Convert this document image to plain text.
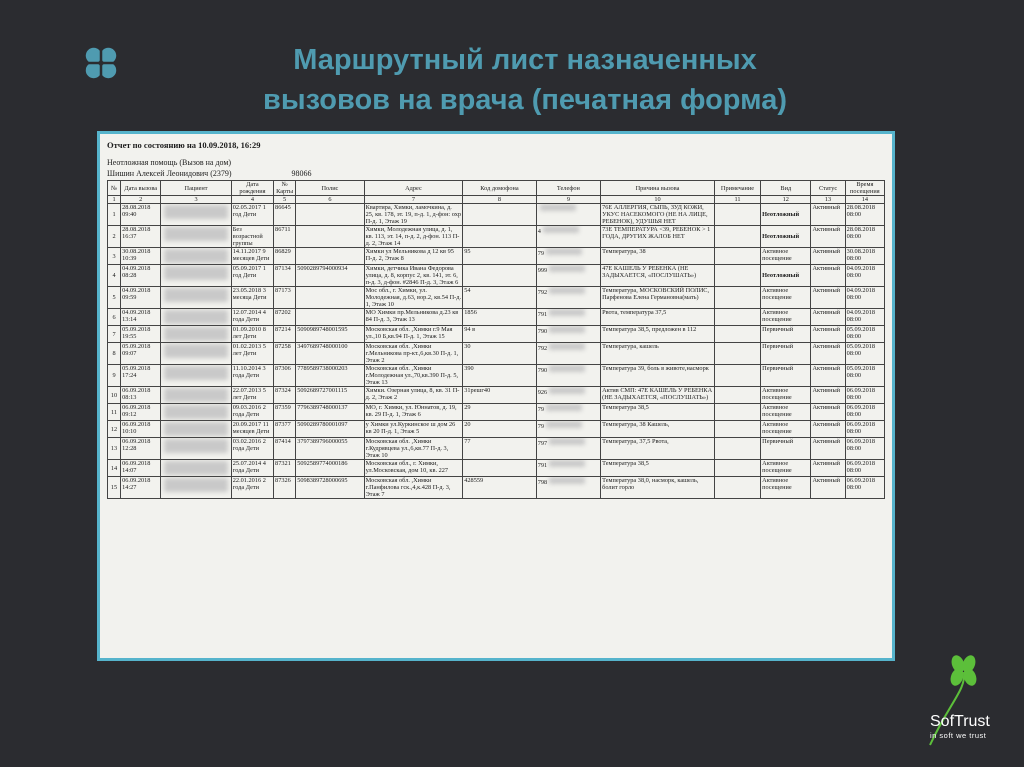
Маршрутный лист назначенных
вызовов на врача (печатная форма)
Отчет по состоянию на 10.09.2018, 16:29
Неотложная помощь (Вызов на дом)
Шишин Алексей Леонидович (2379)	98066
№	Дата вызова	Пациент	Дата рождения	№ Карты	Полис	Адрес	Код домофона	Телефон	Причина вызова	Примечание	Вид	Статус	Время посещения
1	2	3	4	5	6	7	8	9	10	11	12	13	14
1	28.08.2018 09:40		02.05.2017 1 год Дети	86645		Квартира, Химки, ламочкина, д. 25, кв. 178, эт. 19, п-д. 1, д-фон: охр П-д. 1, Этаж 19			76Е АЛЛЕРГИЯ, СЫПЬ, ЗУД КОЖИ, УКУС НАСЕКОМОГО (НЕ НА ЛИЦЕ, РЕБЕНОК), УДУШЬЯ НЕТ		Неотложный	Активный	28.08.2018 08:00
2	28.08.2018 16:37		Без возрастной группы	86711		Химки, Молодежная улица, д. 1, кв. 113, эт. 14, п-д. 2, д-фон. 113 П-д. 2, Этаж 14		4	73Е ТЕМПЕРАТУРА <39, РЕБЕНОК > 1 ГОДА, ДРУГИХ ЖАЛОБ НЕТ		Неотложный	Активный	28.08.2018 08:00
3	30.08.2018 10:39		14.11.2017 9 месяцев Дети	86829		Химки ул Мельникова д 12 кв 95 П-д. 2, Этаж 8	95	79	Температура, 38		Активное посещение	Активный	30.08.2018 08:00
4	04.09.2018 08:28		05.09.2017 1 год Дети	87134	5090289794000934	Химки, детчика Ивана Федорова улица, д. 8, корпус 2, кв. 141, эт. 6, п-д. 3, д-фон. #2846 П-д. 3, Этаж 6		999	47Е КАШЕЛЬ У РЕБЕНКА (НЕ ЗАДЫХАЕТСЯ, «ПОСЛУШАТЬ»)		Неотложный	Активный	04.09.2018 08:00
5	04.09.2018 09:59		23.05.2018 3 месяца Дети	87173		Мос обл., г. Химки, ул. Молодежная, д.63, вор.2, кв.54 П-д. 1, Этаж 10	54	792	Температура, МОСКОВСКИЙ ПОЛИС, Парфенова Елена Германовна(мать)		Активное посещение	Активный	04.09.2018 08:00
6	04.09.2018 13:14		12.07.2014 4 года Дети	87202		МО Химки пр.Мельникова д.23 кв 84 П-д. 3, Этаж 13	1856	791	Рвота, температура 37,5		Активное посещение	Активный	04.09.2018 08:00
7	05.09.2018 19:55		01.09.2010 8 лет Дети	87214	5090989748001595	Московская обл. ,Химки г.9 Мая ул.,10 Б,кв.94 П-д. 1, Этаж 15	94 в	790	Температура 38,5, предложен в 112		Первичный	Активный	05.09.2018 08:00
8	05.09.2018 09:07		01.02.2013 5 лет Дети	87258	3497689748000100	Московская обл. ,Химки г.Мельникова пр-кт.,6,кв.30 П-д. 1, Этаж 2	30	792	Температура, кашель		Первичный	Активный	05.09.2018 08:00
9	05.09.2018 17:24		11.10.2014 3 года Дети	87306	7789589738000203	Московская обл. ,Химки г.Молодежная ул.,70,кв.390 П-д. 5, Этаж 13	390	790	Температура 39, боль в животе,насморк		Первичный	Активный	05.09.2018 08:00
10	06.09.2018 08:13		22.07.2013 5 лет Дети	87324	5092689727001115	Химки. Озерная улица, 8, кв. 31 П-д. 2, Этаж 2	31решг40	926	Актив СМП: 47Е КАШЕЛЬ У РЕБЕНКА (НЕ ЗАДЫХАЕТСЯ, «ПОСЛУШАТЬ»)		Активное посещение	Активный	06.09.2018 08:00
11	06.09.2018 09:12		09.03.2016 2 года Дети	87359	7796389748000137	МО, г. Химки, ул. Юннатов, д. 19, кв. 29 П-д. 1, Этаж 6	29	79	Температура 38,5		Активное посещение	Активный	06.09.2018 08:00
12	06.09.2018 10:10		20.09.2017 11 месяцев Дети	87377	5090289780001097	у Химки ул.Куркинское ш дом 26 кв 20 П-д. 1, Этаж 5	20	79	Температура, 38 Кашель,		Активное посещение	Активный	06.09.2018 08:00
13	06.09.2018 12:28		03.02.2016 2 года Дети	87414	3797389796000055	Московская обл. ,Химки г.Кудрявцева ул.,6,кв.77 П-д. 3, Этаж 10	77	797	Температура, 37,5 Рвота,		Первичный	Активный	06.09.2018 08:00
14	06.09.2018 14:07		25.07.2014 4 года Дети	87321	5092589774000186	Московская обл., г. Химки, ул.Московская, дом 10, кв. 227		791	Температура 38,5		Активное посещение	Активный	06.09.2018 08:00
15	06.09.2018 14:27		22.01.2016 2 года Дети	87326	5098389728000695	Московская обл. ,Химки г.Панфилова гск.,4,к.428 П-д. 3, Этаж 7	428559	798	Температура 38,0, насморк, кашель, болит горло		Активное посещение	Активный	06.09.2018 08:00
SofTrust
in soft we trust
